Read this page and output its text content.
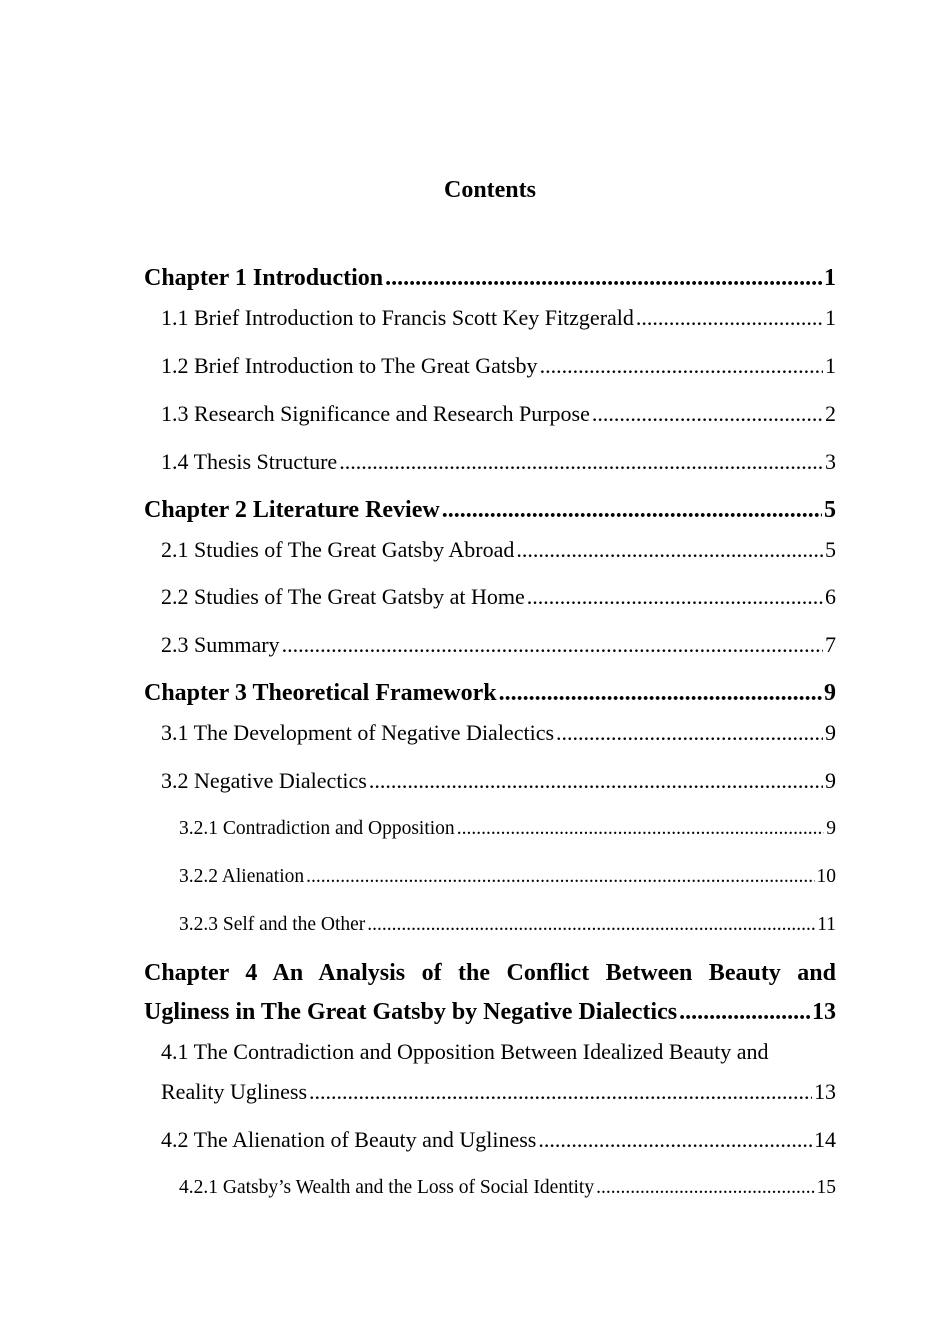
Contents
Chapter 1 Introduction .....	1
1.1 Brief Introduction to Francis Scott Key Fitzgerald .....	1
1.2 Brief Introduction to The Great Gatsby .....	1
1.3 Research Significance and Research Purpose .....	2
1.4 Thesis Structure .....	3
Chapter 2 Literature Review .....	5
2.1 Studies of The Great Gatsby Abroad .....	5
2.2 Studies of The Great Gatsby at Home .....	6
2.3 Summary .....	7
Chapter 3 Theoretical Framework .....	9
3.1 The Development of Negative Dialectics .....	9
3.2 Negative Dialectics .....	9
3.2.1 Contradiction and Opposition .....	9
3.2.2 Alienation .....	10
3.2.3 Self and the Other .....	11
Chapter 4 An Analysis of the Conflict Between Beauty and
Ugliness in The Great Gatsby by Negative Dialectics .....	13
4.1 The Contradiction and Opposition Between Idealized Beauty and
Reality Ugliness .....	13
4.2 The Alienation of Beauty and Ugliness .....	14
4.2.1 Gatsby’s Wealth and the Loss of Social Identity .....	15
